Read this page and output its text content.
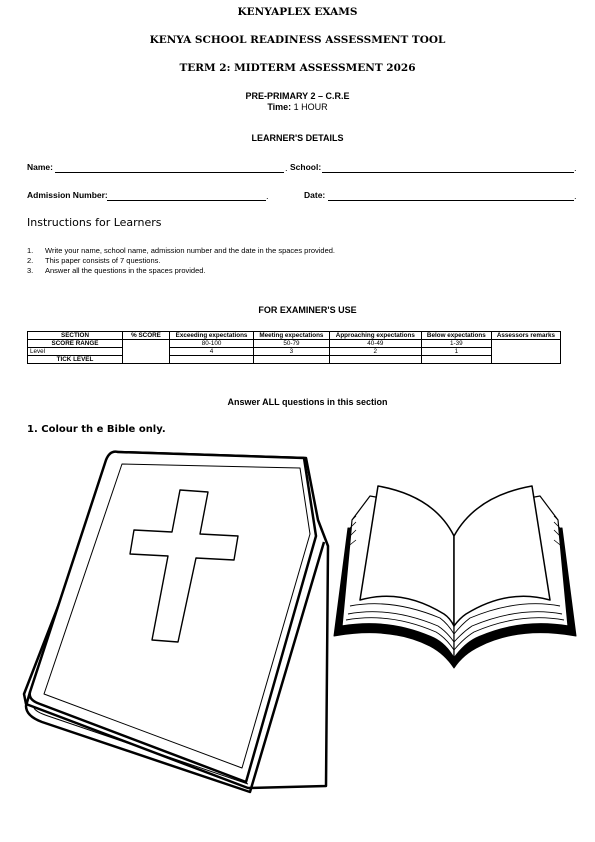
KENYAPLEX EXAMS
KENYA SCHOOL READINESS ASSESSMENT TOOL
TERM 2: MIDTERM ASSESSMENT 2026
PRE-PRIMARY 2 – C.R.E
Time: 1 HOUR
LEARNER'S DETAILS
Name:	. School:	.
Admission Number:	.	Date:	.
Instructions for Learners
1. Write your name, school name, admission number and the date in the spaces provided.
2. This paper consists of 7 questions.
3. Answer all the questions in the spaces provided.
FOR EXAMINER'S USE
SECTION	% SCORE	Exceeding expectations	Meeting expectations	Approaching expectations	Below expectations	Assessors remarks
SCORE RANGE		80-100	50-79	40-49	1-39	
Level		4	3	2	1	
TICK LEVEL						
Answer ALL questions in this section
1. Colour th e Bible only.
